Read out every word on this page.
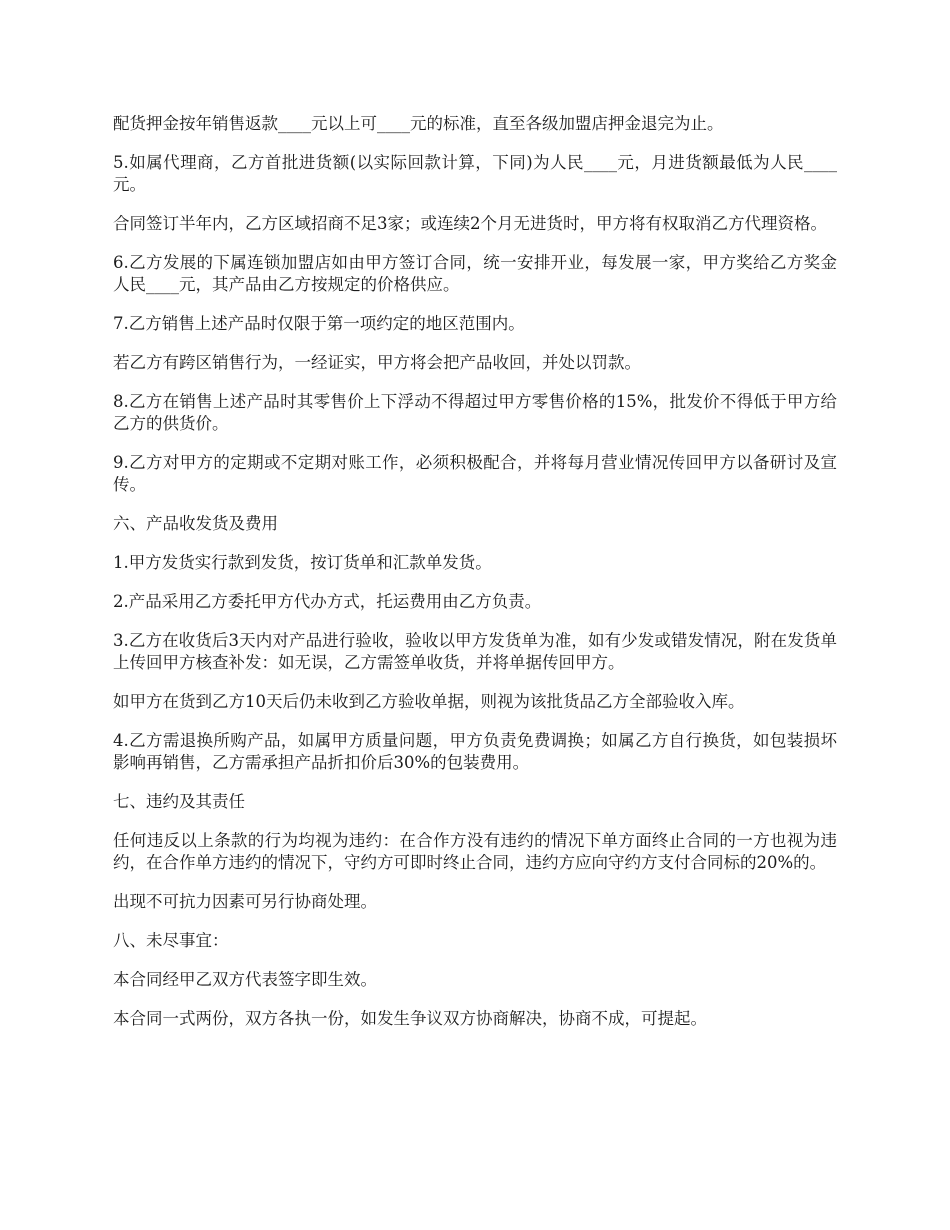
配货押金按年销售返款____元以上可____元的标准，直至各级加盟店押金退完为止。

5.如属代理商，乙方首批进货额(以实际回款计算，下同)为人民____元，月进货额最低为人民____元。

合同签订半年内，乙方区域招商不足3家；或连续2个月无进货时，甲方将有权取消乙方代理资格。

6.乙方发展的下属连锁加盟店如由甲方签订合同，统一安排开业，每发展一家，甲方奖给乙方奖金人民____元，其产品由乙方按规定的价格供应。

7.乙方销售上述产品时仅限于第一项约定的地区范围内。

若乙方有跨区销售行为，一经证实，甲方将会把产品收回，并处以罚款。

8.乙方在销售上述产品时其零售价上下浮动不得超过甲方零售价格的15%，批发价不得低于甲方给乙方的供货价。

9.乙方对甲方的定期或不定期对账工作，必须积极配合，并将每月营业情况传回甲方以备研讨及宣传。

六、产品收发货及费用

1.甲方发货实行款到发货，按订货单和汇款单发货。

2.产品采用乙方委托甲方代办方式，托运费用由乙方负责。

3.乙方在收货后3天内对产品进行验收，验收以甲方发货单为准，如有少发或错发情况，附在发货单上传回甲方核查补发：如无误，乙方需签单收货，并将单据传回甲方。

如甲方在货到乙方10天后仍未收到乙方验收单据，则视为该批货品乙方全部验收入库。

4.乙方需退换所购产品，如属甲方质量问题，甲方负责免费调换；如属乙方自行换货，如包装损坏影响再销售，乙方需承担产品折扣价后30%的包装费用。

七、违约及其责任

任何违反以上条款的行为均视为违约：在合作方没有违约的情况下单方面终止合同的一方也视为违约，在合作单方违约的情况下，守约方可即时终止合同，违约方应向守约方支付合同标的20%的。

出现不可抗力因素可另行协商处理。

八、未尽事宜：

本合同经甲乙双方代表签字即生效。

本合同一式两份，双方各执一份，如发生争议双方协商解决，协商不成，可提起。
